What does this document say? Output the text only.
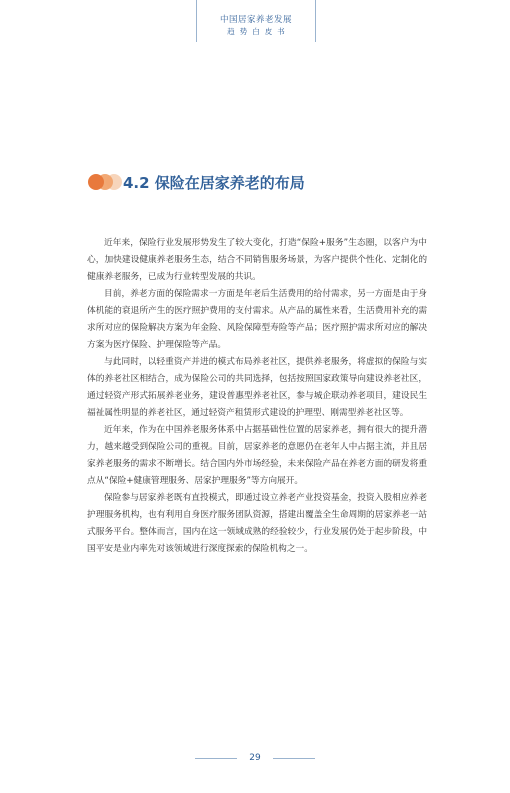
中国居家养老发展
趋势白皮书
4.2 保险在居家养老的布局

近年来，保险行业发展形势发生了较大变化，打造“保险+服务”生态圈，以客户为中心，加快建设健康养老服务生态，结合不同销售服务场景，为客户提供个性化、定制化的健康养老服务，已成为行业转型发展的共识。

目前，养老方面的保险需求一方面是年老后生活费用的给付需求，另一方面是由于身体机能的衰退所产生的医疗照护费用的支付需求。从产品的属性来看，生活费用补充的需求所对应的保险解决方案为年金险、风险保障型寿险等产品；医疗照护需求所对应的解决方案为医疗保险、护理保险等产品。

与此同时，以轻重资产并进的模式布局养老社区，提供养老服务，将虚拟的保险与实体的养老社区相结合，成为保险公司的共同选择，包括按照国家政策导向建设养老社区，通过轻资产形式拓展养老业务，建设普惠型养老社区，参与城企联动养老项目，建设民生福祉属性明显的养老社区，通过轻资产租赁形式建设的护理型、刚需型养老社区等。

近年来，作为在中国养老服务体系中占据基础性位置的居家养老，拥有很大的提升潜力，越来越受到保险公司的重视。目前，居家养老的意愿仍在老年人中占据主流，并且居家养老服务的需求不断增长。结合国内外市场经验，未来保险产品在养老方面的研发将重点从“保险+健康管理服务、居家护理服务”等方向展开。

保险参与居家养老既有直投模式，即通过设立养老产业投资基金，投资入股相应养老护理服务机构，也有利用自身医疗服务团队资源，搭建出覆盖全生命周期的居家养老一站式服务平台。整体而言，国内在这一领域成熟的经验较少，行业发展仍处于起步阶段，中国平安是业内率先对该领域进行深度探索的保险机构之一。

29
